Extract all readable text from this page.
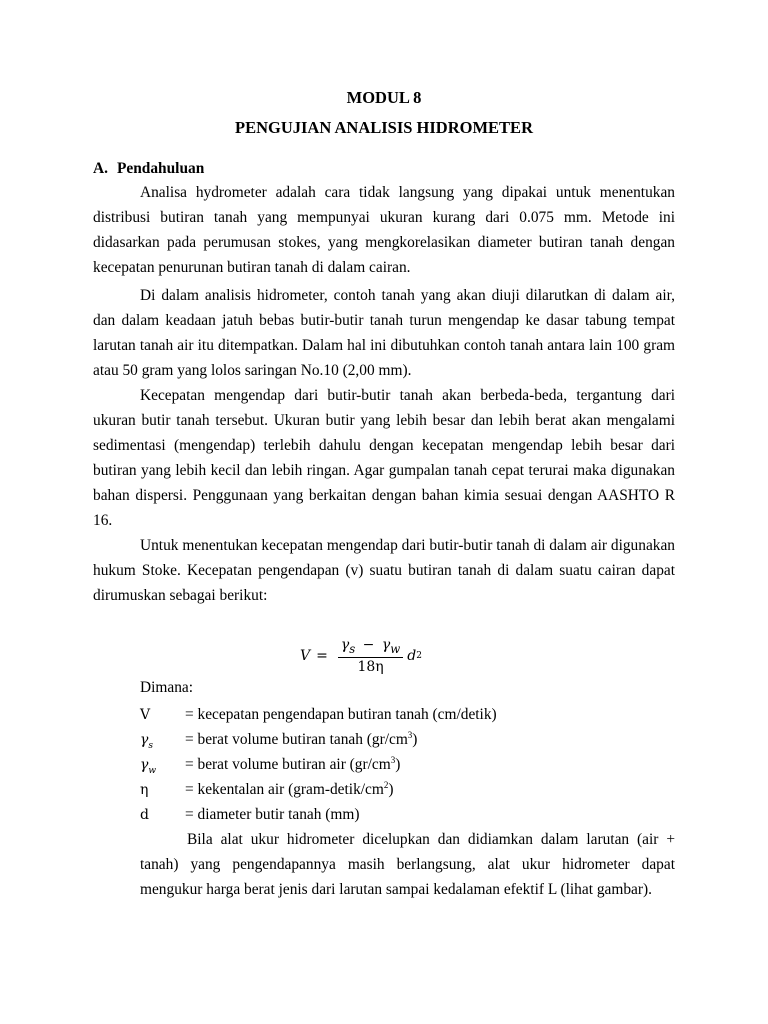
MODUL 8
PENGUJIAN ANALISIS HIDROMETER

A. Pendahuluan

Analisa hydrometer adalah cara tidak langsung yang dipakai untuk menentukan distribusi butiran tanah yang mempunyai ukuran kurang dari 0.075 mm. Metode ini didasarkan pada perumusan stokes, yang mengkorelasikan diameter butiran tanah dengan kecepatan penurunan butiran tanah di dalam cairan.

Di dalam analisis hidrometer, contoh tanah yang akan diuji dilarutkan di dalam air, dan dalam keadaan jatuh bebas butir-butir tanah turun mengendap ke dasar tabung tempat larutan tanah air itu ditempatkan. Dalam hal ini dibutuhkan contoh tanah antara lain 100 gram atau 50 gram yang lolos saringan No.10 (2,00 mm).

Kecepatan mengendap dari butir-butir tanah akan berbeda-beda, tergantung dari ukuran butir tanah tersebut. Ukuran butir yang lebih besar dan lebih berat akan mengalami sedimentasi (mengendap) terlebih dahulu dengan kecepatan mengendap lebih besar dari butiran yang lebih kecil dan lebih ringan. Agar gumpalan tanah cepat terurai maka digunakan bahan dispersi. Penggunaan yang berkaitan dengan bahan kimia sesuai dengan AASHTO R 16.

Untuk menentukan kecepatan mengendap dari butir-butir tanah di dalam air digunakan hukum Stoke. Kecepatan pengendapan (v) suatu butiran tanah di dalam suatu cairan dapat dirumuskan sebagai berikut:

$V = \frac{\gamma_s - \gamma_w}{18\eta}$ d 2

Dimana:

V = kecepatan pengendapan butiran tanah (cm/detik)
$\gamma_s$ = berat volume butiran tanah $(gr/cm^3)$
$\gamma_w$ = berat volume butiran air $(gr/cm^3)$
η = kekentalan air $(gram-detik/cm^2)$
d = diameter butir tanah (mm)

Bila alat ukur hidrometer dicelupkan dan didiamkan dalam larutan (air + tanah) yang pengendapannya masih berlangsung, alat ukur hidrometer dapat mengukur harga berat jenis dari larutan sampai kedalaman efektif L (lihat gambar).
